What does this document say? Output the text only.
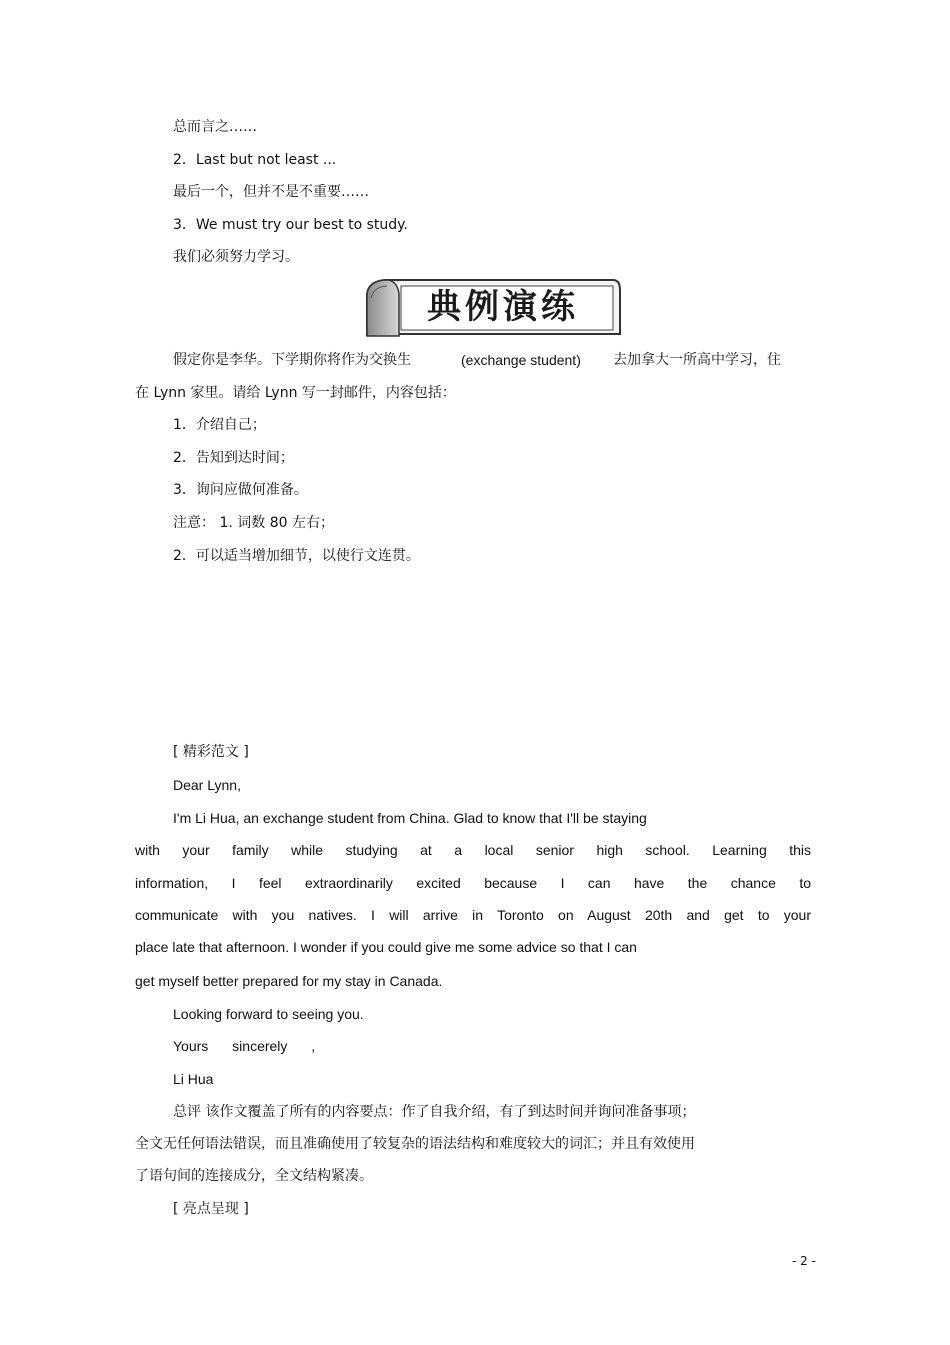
总而言之……
2．Last but not least ...
最后一个，但并不是不重要……
3．We must try our best to study.
我们必须努力学习。
典例演练
假定你是李华。下学期你将作为交换生	(exchange student) 去加拿大一所高中学习，住
在 Lynn 家里。请给 Lynn 写一封邮件，内容包括：
1．介绍自己；
2．告知到达时间；
3．询问应做何准备。
注意： 1. 词数 80 左右；
2．可以适当增加细节，以使行文连贯。
[ 精彩范文 ]
Dear Lynn,
I'm Li Hua, an exchange student from China. Glad to know that I'll be staying
with your family while studying at a local senior high school. Learning this
information, I feel extraordinarily excited because I can have the chance to
communicate with you natives. I will arrive in Toronto on August 20th and get to your
place late that afternoon. I wonder if you could give me some advice so that I can
get myself better prepared for my stay in Canada.
Looking forward to seeing you.
Yours sincerely ,
Li Hua
总评 该作文覆盖了所有的内容要点：作了自我介绍，有了到达时间并询问准备事项；
全文无任何语法错误，而且准确使用了较复杂的语法结构和难度较大的词汇；并且有效使用
了语句间的连接成分，全文结构紧凑。
[ 亮点呈现 ]
- 2 -
